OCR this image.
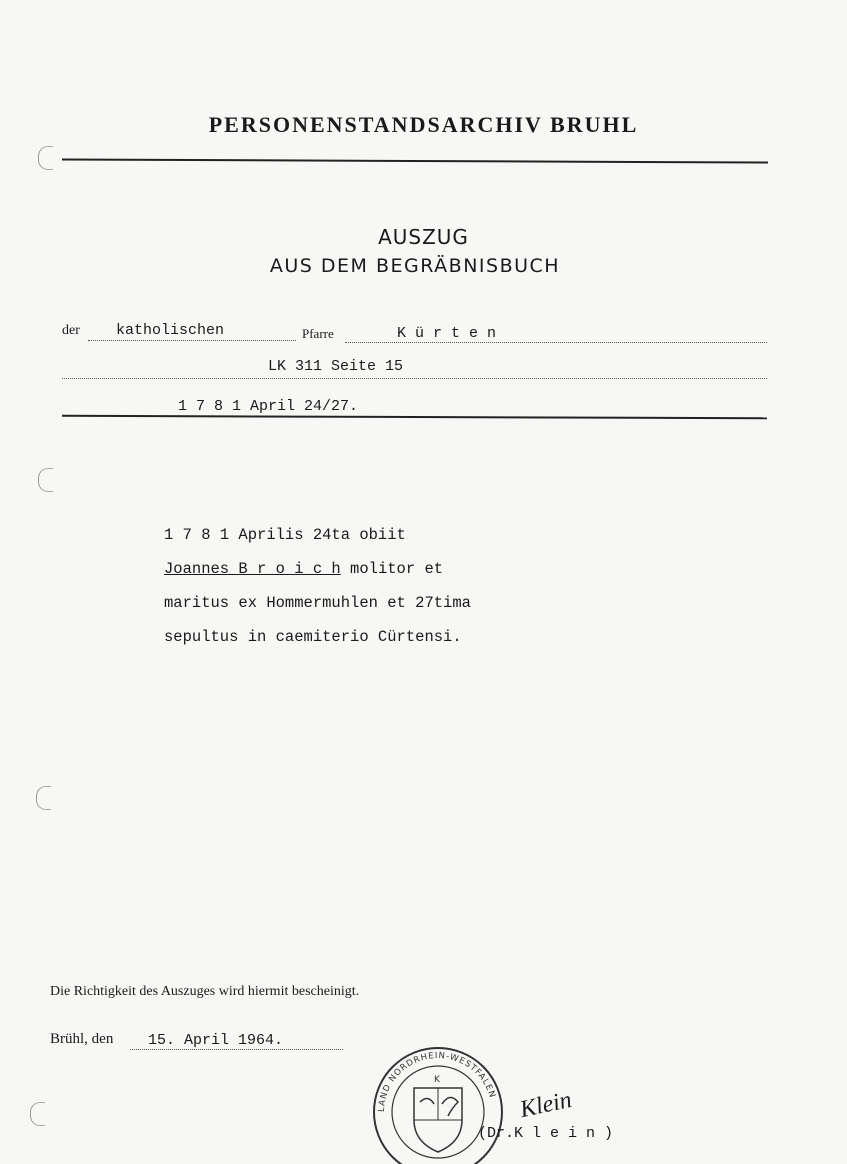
PERSONENSTANDSARCHIV BRUHL
AUSZUG
AUS DEM BEGRÄBNISBUCH
der katholischen	Pfarre	K ü r t e n
LK 311 Seite 15
1 7 8 1 April 24/27.
1 7 8 1 Aprilis 24ta obiit
Joannes B r o i c h molitor et
maritus ex Hommermuhlen et 27tima
sepultus in caemiterio Cürtensi.
Die Richtigkeit des Auszuges wird hiermit bescheinigt.
Brühl, den 15. April 1964.
K
LAND NORDRHEIN-WESTFALEN Klein
(Dr.K l e i n )
